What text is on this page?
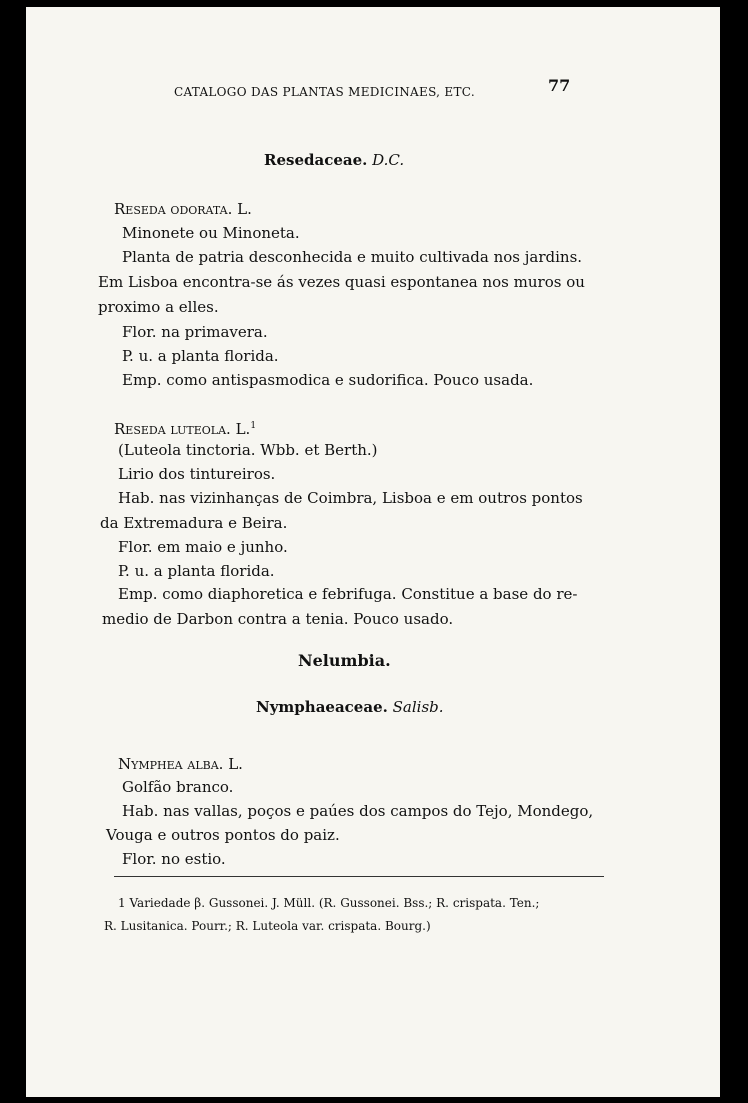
CATALOGO DAS PLANTAS MEDICINAES, ETC.	77
Resedaceae. D.C.
Reseda odorata. L.
Minonete ou Minoneta.
Planta de patria desconhecida e muito cultivada nos jardins.
Em Lisboa encontra-se ás vezes quasi espontanea nos muros ou
proximo a elles.
Flor. na primavera.
P. u. a planta florida.
Emp. como antispasmodica e sudorifica. Pouco usada.
Reseda luteola. L.$^1$
(Luteola tinctoria. Wbb. et Berth.)
Lirio dos tintureiros.
Hab. nas vizinhanças de Coimbra, Lisboa e em outros pontos
da Extremadura e Beira.
Flor. em maio e junho.
P. u. a planta florida.
Emp. como diaphoretica e febrifuga. Constitue a base do re-
medio de Darbon contra a tenia. Pouco usado.
Nelumbia.
Nymphaeaceae. Salisb.
Nymphea alba. L.
Golfão branco.
Hab. nas vallas, poços e paúes dos campos do Tejo, Mondego,
Vouga e outros pontos do paiz.
Flor. no estio.
1 Variedade β. Gussonei. J. Müll. (R. Gussonei. Bss.; R. crispata. Ten.;
R. Lusitanica. Pourr.; R. Luteola var. crispata. Bourg.)
